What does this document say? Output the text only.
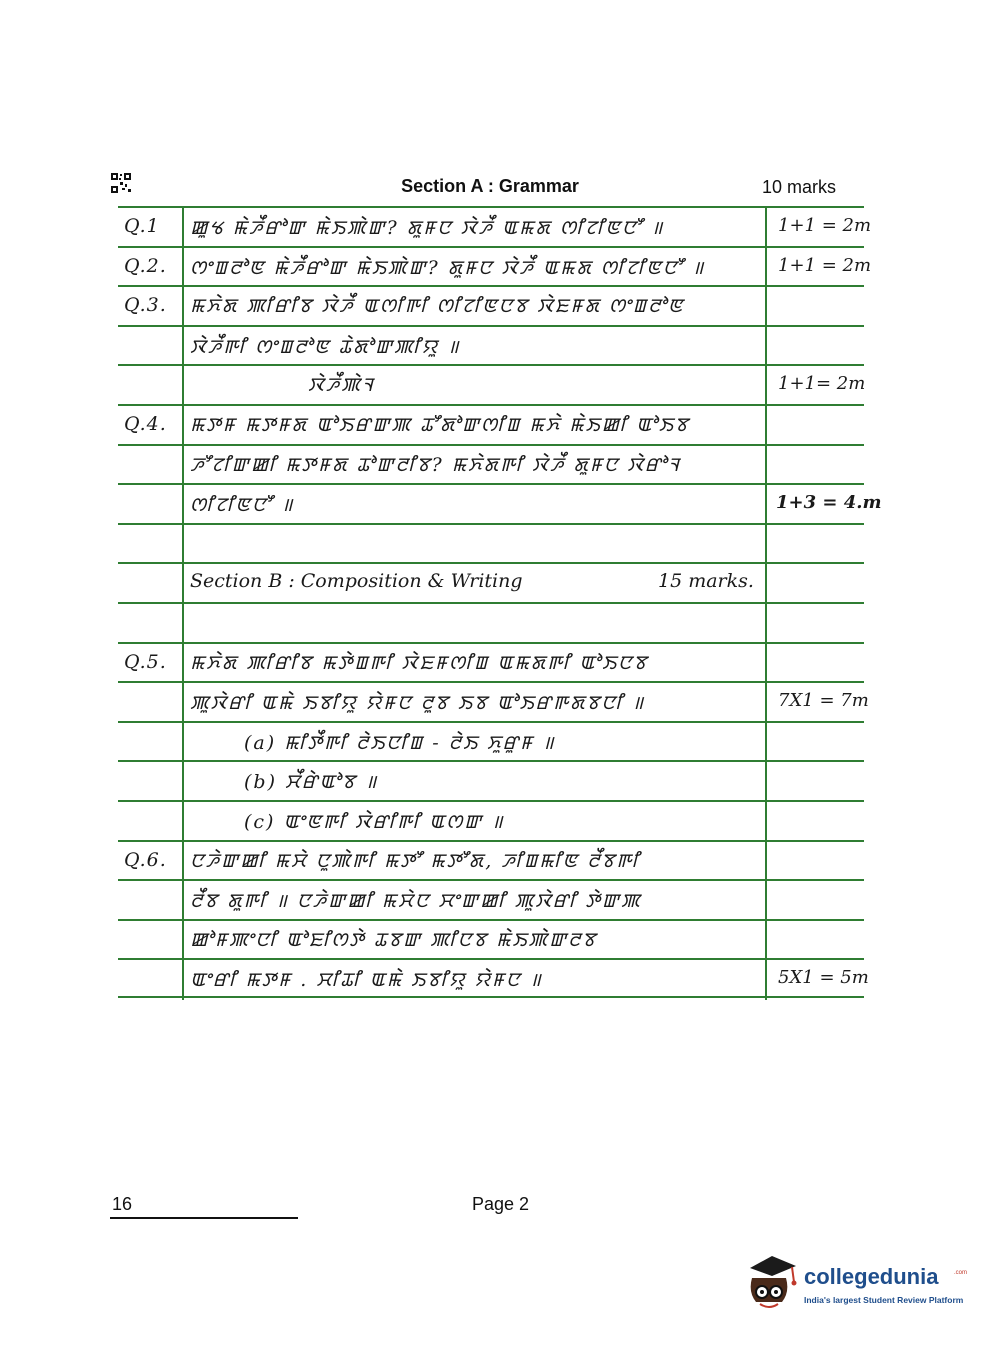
Section A : Grammar	10 marks
Q.1 ꯀꯨꯠ ꯃꯥꯍꯩꯔꯣꯛ ꯃꯥꯏꯄꯥꯛ? ꯗꯨꯝꯅ ꯋꯥꯍꯩ ꯑꯃꯗ ꯁꯤꯖꯤꯟꯅꯧ ॥	1+1 = 2m
Q.2. ꯁꯦꯡꯂꯣꯟ ꯃꯥꯍꯩꯔꯣꯛ ꯃꯥꯏꯄꯥꯛ? ꯗꯨꯝꯅ ꯋꯥꯍꯩ ꯑꯃꯗ ꯁꯤꯖꯤꯟꯅꯧ ॥	1+1 = 2m
Q.3. ꯃꯈꯥꯗ ꯄꯤꯔꯤꯕ ꯋꯥꯍꯩ ꯑꯁꯤꯒꯤ ꯁꯤꯖꯤꯟꯅꯕ ꯋꯥꯐꯝꯗ ꯁꯦꯡꯂꯣꯟ
ꯋꯥꯍꯩꯒꯤ ꯁꯦꯡꯂꯣꯟ ꯊꯥꯗꯣꯛꯄꯤꯌꯨ ॥
ꯋꯥꯍꯩꯄꯥꯜ	1+1= 2m
Q.4. ꯃꯇꯝ ꯃꯇꯝꯗ ꯑꯣꯏꯔꯛꯄ ꯊꯧꯗꯣꯛꯁꯤꯡ ꯃꯈꯥ ꯃꯥꯏꯀꯤ ꯑꯣꯏꯕ
ꯍꯧꯖꯤꯛꯀꯤ ꯃꯇꯝꯗ ꯊꯣꯛꯂꯤꯕ? ꯃꯈꯥꯗꯒꯤ ꯋꯥꯍꯩ ꯗꯨꯝꯅ ꯋꯥꯔꯣꯜ
ꯁꯤꯖꯤꯟꯅꯧ ॥	1+3 = 4.m
Section B : Composition & Writing	15 marks.
Q.5. ꯃꯈꯥꯗ ꯄꯤꯔꯤꯕ ꯃꯇꯥꯡꯒꯤ ꯋꯥꯐꯝꯁꯤꯡ ꯑꯃꯗꯒꯤ ꯑꯣꯏꯅꯕ
ꯄꯨꯋꯥꯔꯤ ꯑꯃꯥ ꯏꯕꯤꯌꯨ ꯌꯥꯝꯅ ꯂꯨꯕ ꯏꯕ ꯑꯣꯏꯔꯒꯗꯕꯅꯤ ॥	7X1 = 7m
(a) ꯃꯤꯇꯩꯒꯤ ꯂꯥꯏꯅꯤꯡ - ꯂꯥꯏ ꯈꯨꯔꯨꯝ ॥
(b) ꯆꯩꯔꯥꯑꯣꯕ ॥
(c) ꯑꯦꯟꯒꯤ ꯋꯥꯔꯤꯒꯤ ꯑꯁꯛ ॥
Q.6. ꯅꯍꯥꯛꯀꯤ ꯃꯆꯥ ꯅꯨꯄꯥꯒꯤ ꯃꯇꯧ ꯃꯇꯧꯗ, ꯍꯤꯡꯃꯤꯟ ꯂꯩꯕꯒꯤ
ꯂꯩꯕ ꯗꯨꯒꯤ ॥ ꯅꯍꯥꯛꯀꯤ ꯃꯆꯥꯅ ꯆꯦꯛꯀꯤ ꯄꯨꯋꯥꯔꯤ ꯇꯥꯛꯄ
ꯀꯣꯝꯄꯦꯅꯤ ꯑꯣꯐꯤꯁꯇꯥ ꯊꯕꯛ ꯄꯤꯅꯕ ꯃꯥꯏꯄꯥꯛꯂꯕ
ꯑꯦꯔꯤ ꯃꯇꯝ . ꯆꯤꯊꯤ ꯑꯃꯥ ꯏꯕꯤꯌꯨ ꯌꯥꯝꯅ ॥	5X1 = 5m
16	Page 2
collegedunia	.com
India's largest Student Review Platform
